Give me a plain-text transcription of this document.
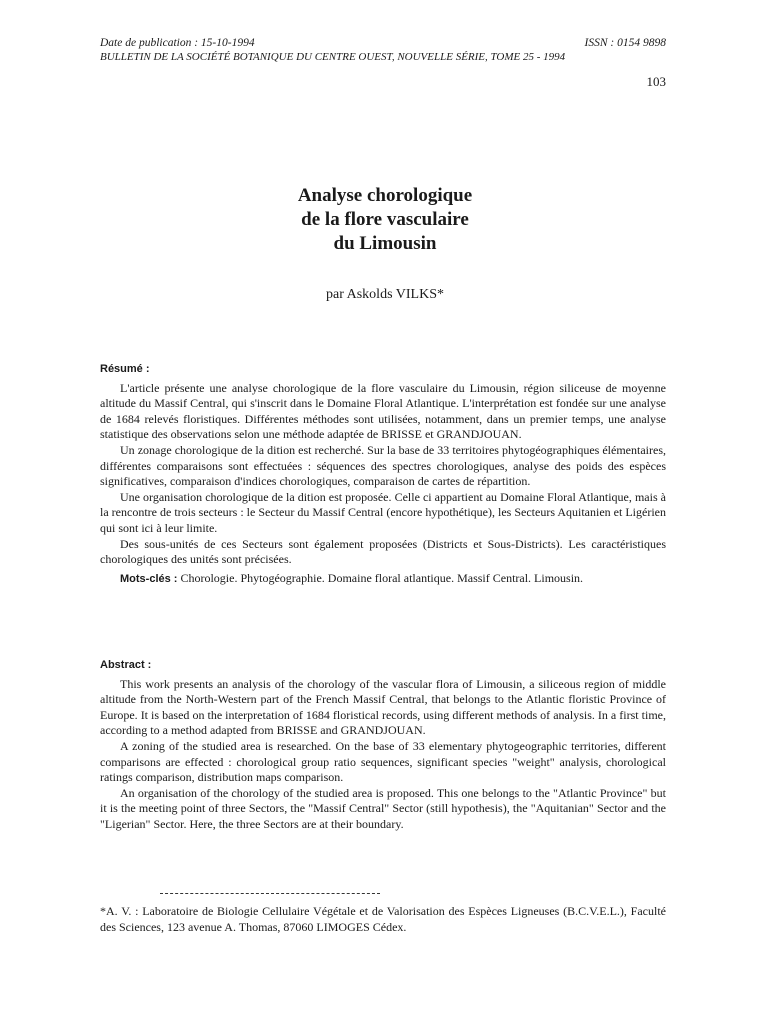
Date de publication : 15-10-1994	ISSN : 0154 9898
BULLETIN DE LA SOCIÉTÉ BOTANIQUE DU CENTRE OUEST, NOUVELLE SÉRIE, TOME 25 - 1994
103
Analyse chorologique
de la flore vasculaire
du Limousin
par Askolds VILKS*
Résumé :

L'article présente une analyse chorologique de la flore vasculaire du Limousin, région siliceuse de moyenne altitude du Massif Central, qui s'inscrit dans le Domaine Floral Atlantique. L'interprétation est fondée sur une analyse de 1684 relevés floristiques. Différentes méthodes sont utilisées, notamment, dans un premier temps, une analyse statistique des observations selon une méthode adaptée de BRISSE et GRANDJOUAN.

Un zonage chorologique de la dition est recherché. Sur la base de 33 territoires phytogéographiques élémentaires, différentes comparaisons sont effectuées : séquences des spectres chorologiques, analyse des poids des espèces significatives, comparaison d'indices chorologiques, comparaison de cartes de répartition.

Une organisation chorologique de la dition est proposée. Celle ci appartient au Domaine Floral Atlantique, mais à la rencontre de trois secteurs : le Secteur du Massif Central (encore hypothétique), les Secteurs Aquitanien et Ligérien qui sont ici à leur limite.

Des sous-unités de ces Secteurs sont également proposées (Districts et Sous-Districts). Les caractéristiques chorologiques des unités sont précisées.

Mots-clés : Chorologie. Phytogéographie. Domaine floral atlantique. Massif Central. Limousin.

Abstract :

This work presents an analysis of the chorology of the vascular flora of Limousin, a siliceous region of middle altitude from the North-Western part of the French Massif Central, that belongs to the Atlantic floristic Province of Europe. It is based on the interpretation of 1684 floristical records, using different methods of analysis. In a first time, according to a method adapted from BRISSE and GRANDJOUAN.

A zoning of the studied area is researched. On the base of 33 elementary phytogeographic territories, different comparisons are effected : chorological group ratio sequences, significant species "weight" analysis, chorological ratings comparison, distribution maps comparison.

An organisation of the chorology of the studied area is proposed. This one belongs to the "Atlantic Province" but it is the meeting point of three Sectors, the "Massif Central" Sector (still hypothesis), the "Aquitanian" Sector and the "Ligerian" Sector. Here, the three Sectors are at their boundary.

*A. V. : Laboratoire de Biologie Cellulaire Végétale et de Valorisation des Espèces Ligneuses (B.C.V.E.L.), Faculté des Sciences, 123 avenue A. Thomas, 87060 LIMOGES Cédex.
